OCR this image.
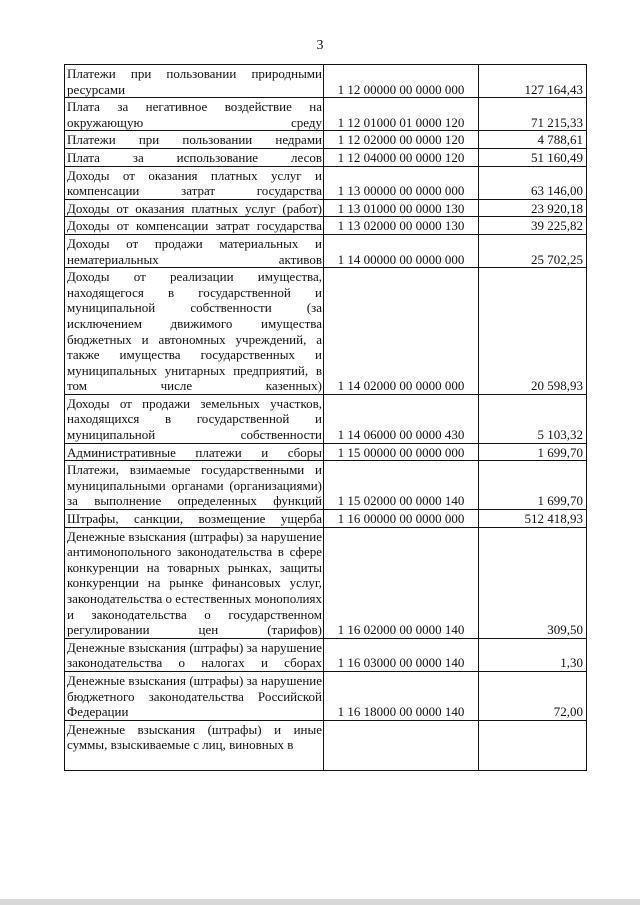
3
Платежи при пользовании природными ресурсами	1 12 00000 00 0000 000	127 164,43
Плата за негативное воздействие на окружающую среду	1 12 01000 01 0000 120	71 215,33
Платежи при пользовании недрами	1 12 02000 00 0000 120	4 788,61
Плата за использование лесов	1 12 04000 00 0000 120	51 160,49
Доходы от оказания платных услуг и компенсации затрат государства	1 13 00000 00 0000 000	63 146,00
Доходы от оказания платных услуг (работ)	1 13 01000 00 0000 130	23 920,18
Доходы от компенсации затрат государства	1 13 02000 00 0000 130	39 225,82
Доходы от продажи материальных и нематериальных активов	1 14 00000 00 0000 000	25 702,25
Доходы от реализации имущества, находящегося в государственной и муниципальной собственности (за исключением движимого имущества бюджетных и автономных учреждений, а также имущества государственных и муниципальных унитарных предприятий, в том числе казенных)	1 14 02000 00 0000 000	20 598,93
Доходы от продажи земельных участков, находящихся в государственной и муниципальной собственности	1 14 06000 00 0000 430	5 103,32
Административные платежи и сборы	1 15 00000 00 0000 000	1 699,70
Платежи, взимаемые государственными и муниципальными органами (организациями) за выполнение определенных функций	1 15 02000 00 0000 140	1 699,70
Штрафы, санкции, возмещение ущерба	1 16 00000 00 0000 000	512 418,93
Денежные взыскания (штрафы) за нарушение антимонопольного законодательства в сфере конкуренции на товарных рынках, защиты конкуренции на рынке финансовых услуг, законодательства о естественных монополиях и законодательства о государственном регулировании цен (тарифов)	1 16 02000 00 0000 140	309,50
Денежные взыскания (штрафы) за нарушение законодательства о налогах и сборах	1 16 03000 00 0000 140	1,30
Денежные взыскания (штрафы) за нарушение бюджетного законодательства Российской Федерации	1 16 18000 00 0000 140	72,00
Денежные взыскания (штрафы) и иные суммы, взыскиваемые с лиц, виновных в		
